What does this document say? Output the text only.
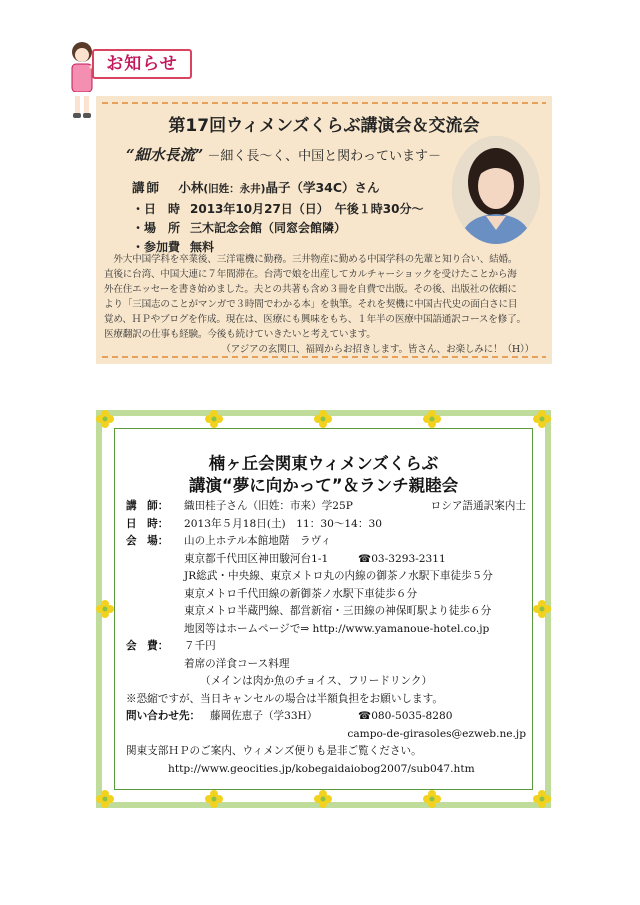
お知らせ
第17回ウィメンズくらぶ講演会＆交流会
“細水長流” －細く長～く、中国と関わっています－
講師 小林(旧姓：永井)晶子（学34C）さん
・日　時 2013年10月27日（日）　午後１時30分～
・場　所 三木記念会館（同窓会館隣）
・参加費 無料

　外大中国学科を卒業後、三洋電機に勤務。三井物産に勤める中国学科の先輩と知り合い、結婚。

直後に台湾、中国大連に７年間滞在。台湾で娘を出産してカルチャーショックを受けたことから海

外在住エッセーを書き始めました。夫との共著も含め３冊を自費で出版。その後、出版社の依頼に

より「三国志のことがマンガで３時間でわかる本」を執筆。それを契機に中国古代史の面白さに目

覚め、ＨＰやブログを作成。現在は、医療にも興味をもち、１年半の医療中国語通訳コースを修了。

医療翻訳の仕事も経験。今後も続けていきたいと考えています。

（アジアの玄関口、福岡からお招きします。皆さん、お楽しみに！（H））

楠ヶ丘会関東ウィメンズくらぶ
講演“夢に向かって”＆ランチ親睦会
講　師： 織田桂子さん（旧姓：市来）学25P	ロシア語通訳案内士
日　時： 2013年５月18日(土)　11：30～14：30
会　場： 山の上ホテル本館地階　ラヴィ
東京都千代田区神田駿河台1-1	☎03-3293-2311
JR総武・中央線、東京メトロ丸の内線の御茶ノ水駅下車徒歩５分
東京メトロ千代田線の新御茶ノ水駅下車徒歩６分
東京メトロ半蔵門線、都営新宿・三田線の神保町駅より徒歩６分
地図等はホームページで⇒ http://www.yamanoue-hotel.co.jp
会　費： ７千円
着席の洋食コース料理
（メインは肉か魚のチョイス、フリードリンク）
※恐縮ですが、当日キャンセルの場合は半額負担をお願いします。
問い合わせ先： 藤岡佐恵子（学33H）	☎080-5035-8280
campo-de-girasoles@ezweb.ne.jp
関東支部ＨＰのご案内、ウィメンズ便りも是非ご覧ください。
http://www.geocities.jp/kobegaidaiobog2007/sub047.htm
